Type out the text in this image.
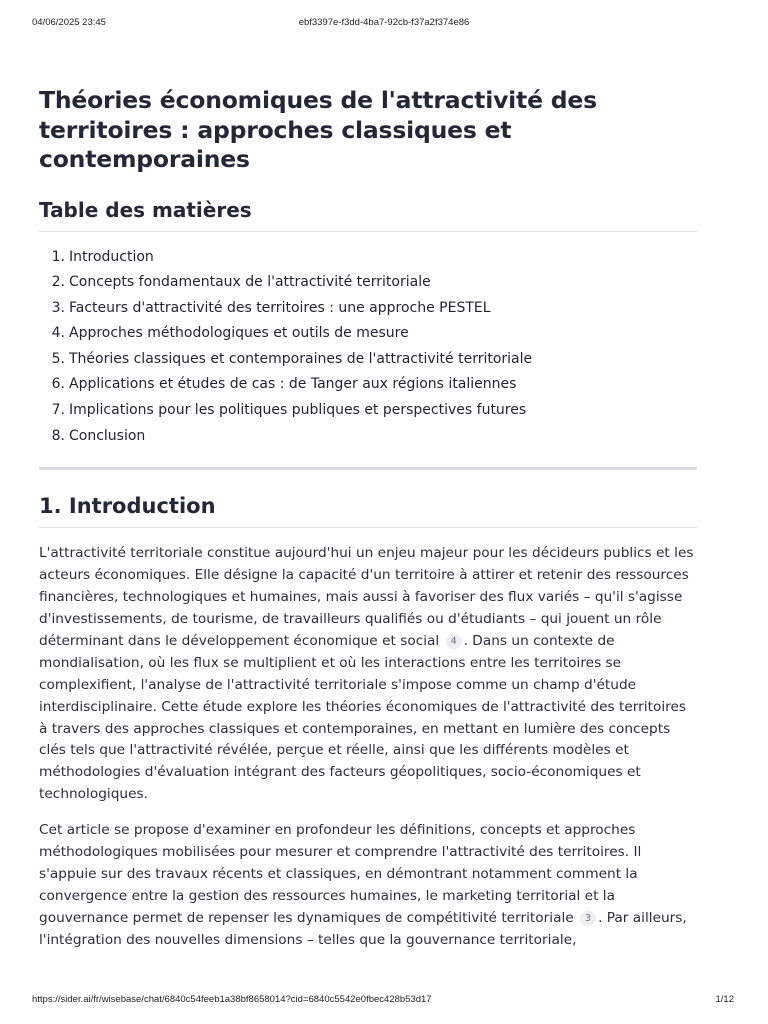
04/06/2025 23:45	ebf3397e-f3dd-4ba7-92cb-f37a2f374e86
Théories économiques de l'attractivité des territoires : approches classiques et contemporaines
Table des matières
1. Introduction
2. Concepts fondamentaux de l'attractivité territoriale
3. Facteurs d'attractivité des territoires : une approche PESTEL
4. Approches méthodologiques et outils de mesure
5. Théories classiques et contemporaines de l'attractivité territoriale
6. Applications et études de cas : de Tanger aux régions italiennes
7. Implications pour les politiques publiques et perspectives futures
8. Conclusion
1. Introduction

L'attractivité territoriale constitue aujourd'hui un enjeu majeur pour les décideurs publics et les acteurs économiques. Elle désigne la capacité d'un territoire à attirer et retenir des ressources financières, technologiques et humaines, mais aussi à favoriser des flux variés – qu'il s'agisse d'investissements, de tourisme, de travailleurs qualifiés ou d'étudiants – qui jouent un rôle déterminant dans le développement économique et social 4 . Dans un contexte de mondialisation, où les flux se multiplient et où les interactions entre les territoires se complexifient, l'analyse de l'attractivité territoriale s'impose comme un champ d'étude interdisciplinaire. Cette étude explore les théories économiques de l'attractivité des territoires à travers des approches classiques et contemporaines, en mettant en lumière des concepts clés tels que l'attractivité révélée, perçue et réelle, ainsi que les différents modèles et méthodologies d'évaluation intégrant des facteurs géopolitiques, socio-économiques et technologiques.

Cet article se propose d'examiner en profondeur les définitions, concepts et approches méthodologiques mobilisées pour mesurer et comprendre l'attractivité des territoires. Il s'appuie sur des travaux récents et classiques, en démontrant notamment comment la convergence entre la gestion des ressources humaines, le marketing territorial et la gouvernance permet de repenser les dynamiques de compétitivité territoriale 3 . Par ailleurs, l'intégration des nouvelles dimensions – telles que la gouvernance territoriale,

https://sider.ai/fr/wisebase/chat/6840c54feeb1a38bf8658014?cid=6840c5542e0fbec428b53d17	1/12
